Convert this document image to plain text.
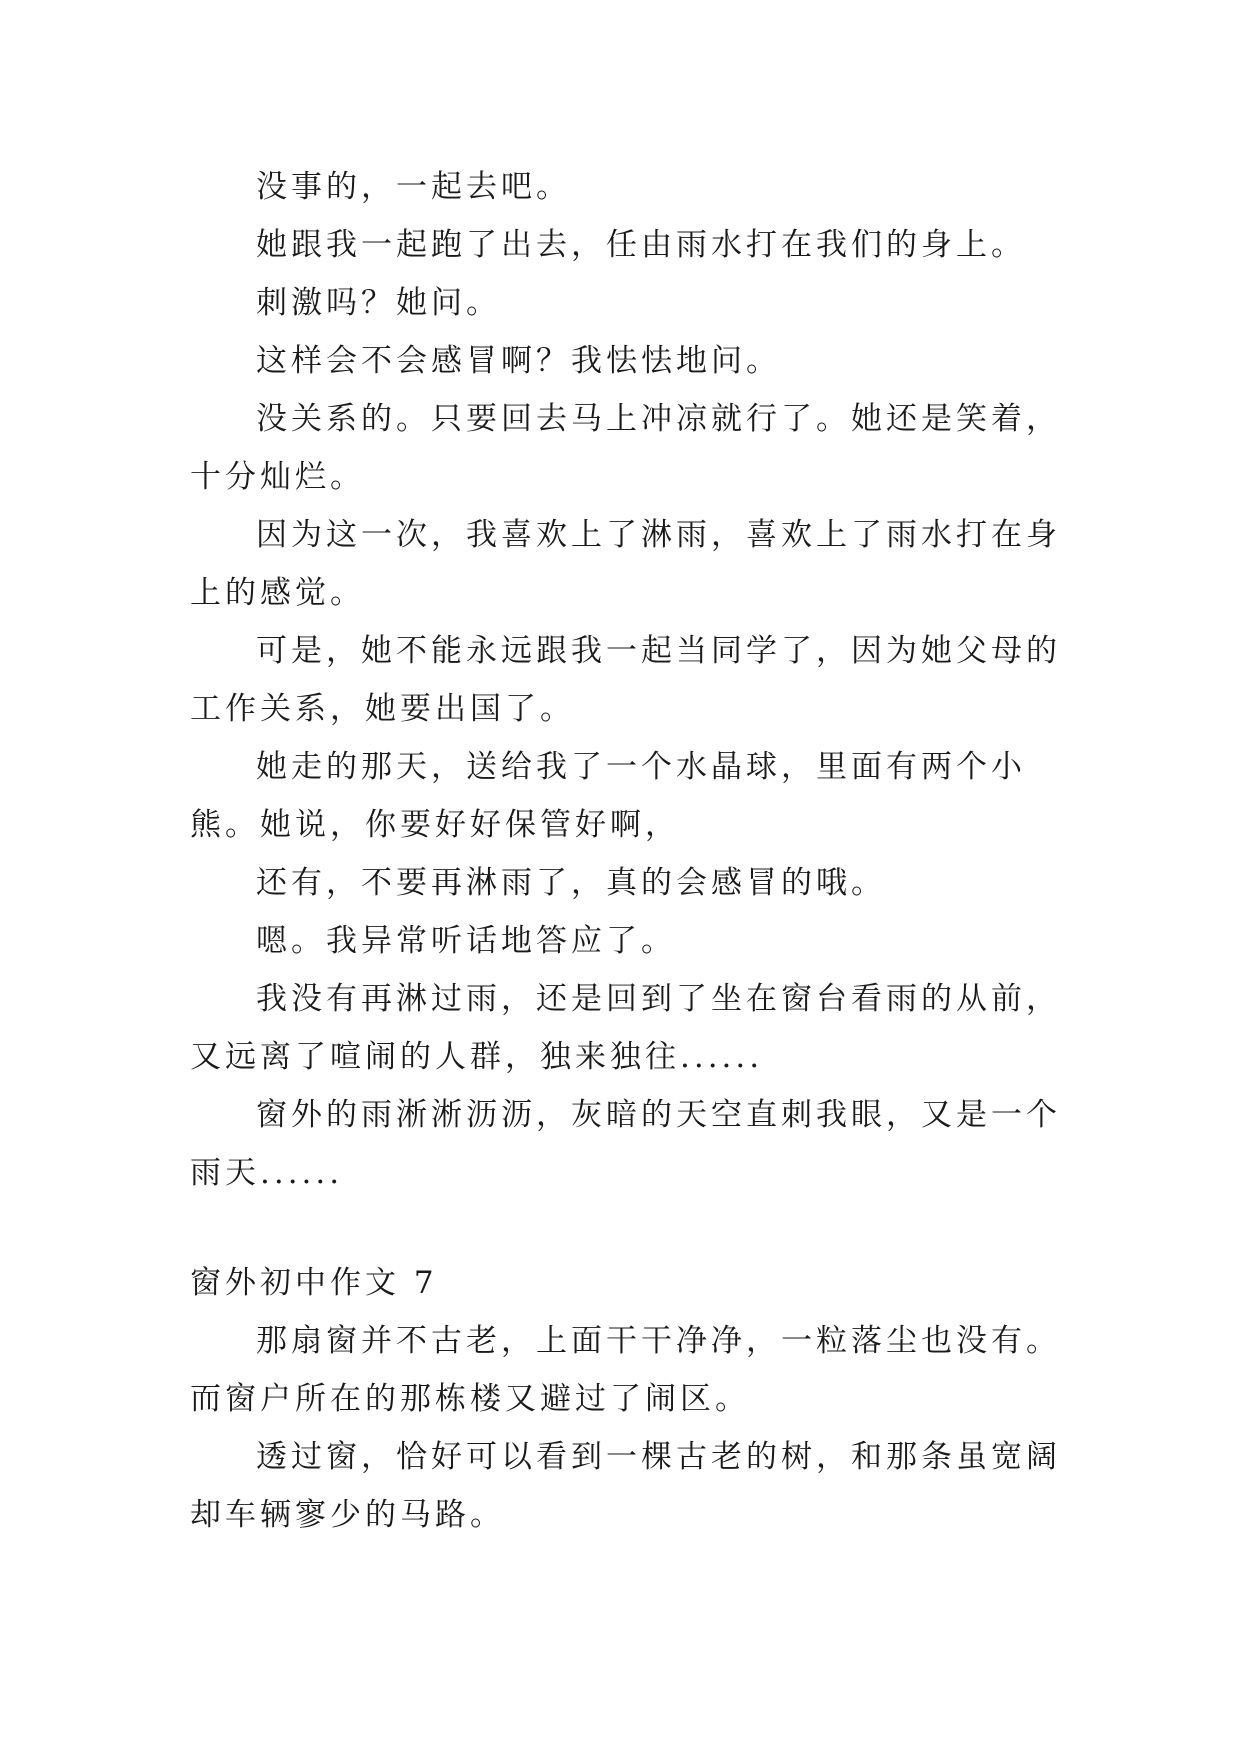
没事的，一起去吧。

她跟我一起跑了出去，任由雨水打在我们的身上。

刺激吗？她问。

这样会不会感冒啊？我怯怯地问。

没关系的。只要回去马上冲凉就行了。她还是笑着，十分灿烂。

因为这一次，我喜欢上了淋雨，喜欢上了雨水打在身上的感觉。

可是，她不能永远跟我一起当同学了，因为她父母的工作关系，她要出国了。

她走的那天，送给我了一个水晶球，里面有两个小熊。她说，你要好好保管好啊，

还有，不要再淋雨了，真的会感冒的哦。

嗯。我异常听话地答应了。

我没有再淋过雨，还是回到了坐在窗台看雨的从前，又远离了喧闹的人群，独来独往......

窗外的雨淅淅沥沥，灰暗的天空直刺我眼，又是一个雨天......

窗外初中作文 7

那扇窗并不古老，上面干干净净，一粒落尘也没有。而窗户所在的那栋楼又避过了闹区。

透过窗，恰好可以看到一棵古老的树，和那条虽宽阔却车辆寥少的马路。
